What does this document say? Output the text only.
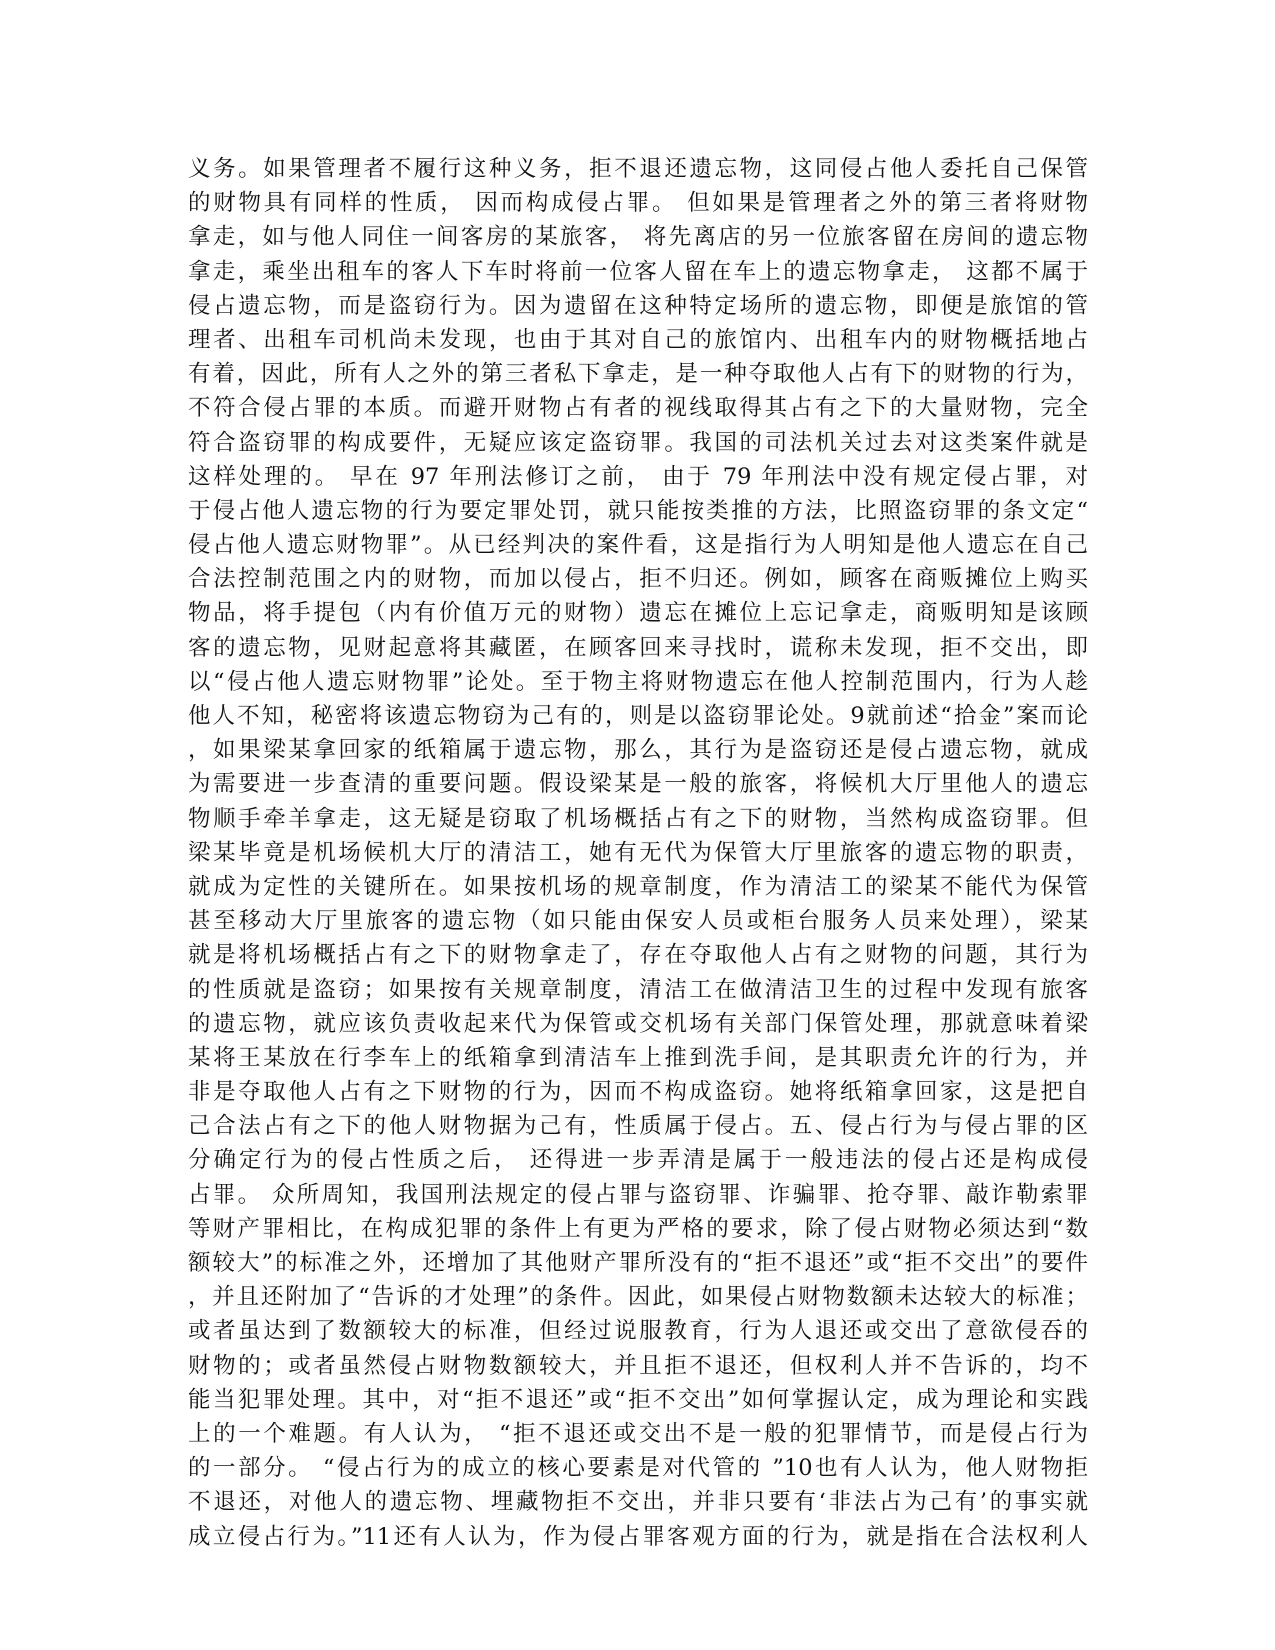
义务。如果管理者不履行这种义务，拒不退还遗忘物，这同侵占他人委托自己保管
的财物具有同样的性质， 因而构成侵占罪。 但如果是管理者之外的第三者将财物
拿走，如与他人同住一间客房的某旅客， 将先离店的另一位旅客留在房间的遗忘物
拿走，乘坐出租车的客人下车时将前一位客人留在车上的遗忘物拿走， 这都不属于
侵占遗忘物，而是盗窃行为。因为遗留在这种特定场所的遗忘物，即便是旅馆的管
理者、出租车司机尚未发现，也由于其对自己的旅馆内、出租车内的财物概括地占
有着，因此，所有人之外的第三者私下拿走，是一种夺取他人占有下的财物的行为，
不符合侵占罪的本质。而避开财物占有者的视线取得其占有之下的大量财物，完全
符合盗窃罪的构成要件，无疑应该定盗窃罪。我国的司法机关过去对这类案件就是
这样处理的。 早在 97 年刑法修订之前， 由于 79 年刑法中没有规定侵占罪，对
于侵占他人遗忘物的行为要定罪处罚，就只能按类推的方法，比照盗窃罪的条文定“
侵占他人遗忘财物罪”。从已经判决的案件看，这是指行为人明知是他人遗忘在自己
合法控制范围之内的财物，而加以侵占，拒不归还。例如，顾客在商贩摊位上购买
物品，将手提包（内有价值万元的财物）遗忘在摊位上忘记拿走，商贩明知是该顾
客的遗忘物，见财起意将其藏匿，在顾客回来寻找时，谎称未发现，拒不交出，即
以“侵占他人遗忘财物罪”论处。至于物主将财物遗忘在他人控制范围内，行为人趁
他人不知，秘密将该遗忘物窃为己有的，则是以盗窃罪论处。9就前述“拾金”案而论
，如果梁某拿回家的纸箱属于遗忘物，那么，其行为是盗窃还是侵占遗忘物，就成
为需要进一步查清的重要问题。假设梁某是一般的旅客，将候机大厅里他人的遗忘
物顺手牵羊拿走，这无疑是窃取了机场概括占有之下的财物，当然构成盗窃罪。但
梁某毕竟是机场候机大厅的清洁工，她有无代为保管大厅里旅客的遗忘物的职责，
就成为定性的关键所在。如果按机场的规章制度，作为清洁工的梁某不能代为保管
甚至移动大厅里旅客的遗忘物（如只能由保安人员或柜台服务人员来处理），梁某
就是将机场概括占有之下的财物拿走了，存在夺取他人占有之财物的问题，其行为
的性质就是盗窃；如果按有关规章制度，清洁工在做清洁卫生的过程中发现有旅客
的遗忘物，就应该负责收起来代为保管或交机场有关部门保管处理，那就意味着梁
某将王某放在行李车上的纸箱拿到清洁车上推到洗手间，是其职责允许的行为，并
非是夺取他人占有之下财物的行为，因而不构成盗窃。她将纸箱拿回家，这是把自
己合法占有之下的他人财物据为己有，性质属于侵占。五、侵占行为与侵占罪的区
分确定行为的侵占性质之后， 还得进一步弄清是属于一般违法的侵占还是构成侵
占罪。 众所周知，我国刑法规定的侵占罪与盗窃罪、诈骗罪、抢夺罪、敲诈勒索罪
等财产罪相比，在构成犯罪的条件上有更为严格的要求，除了侵占财物必须达到“数
额较大”的标准之外，还增加了其他财产罪所没有的“拒不退还”或“拒不交出”的要件
，并且还附加了“告诉的才处理”的条件。因此，如果侵占财物数额未达较大的标准；
或者虽达到了数额较大的标准，但经过说服教育，行为人退还或交出了意欲侵吞的
财物的；或者虽然侵占财物数额较大，并且拒不退还，但权利人并不告诉的，均不
能当犯罪处理。其中，对“拒不退还”或“拒不交出”如何掌握认定，成为理论和实践
上的一个难题。有人认为， “拒不退还或交出不是一般的犯罪情节，而是侵占行为
的一部分。 “侵占行为的成立的核心要素是对代管的 ”10也有人认为，他人财物拒
不退还，对他人的遗忘物、埋藏物拒不交出，并非只要有‘非法占为己有’的事实就
成立侵占行为。”11还有人认为，作为侵占罪客观方面的行为，就是指在合法权利人
